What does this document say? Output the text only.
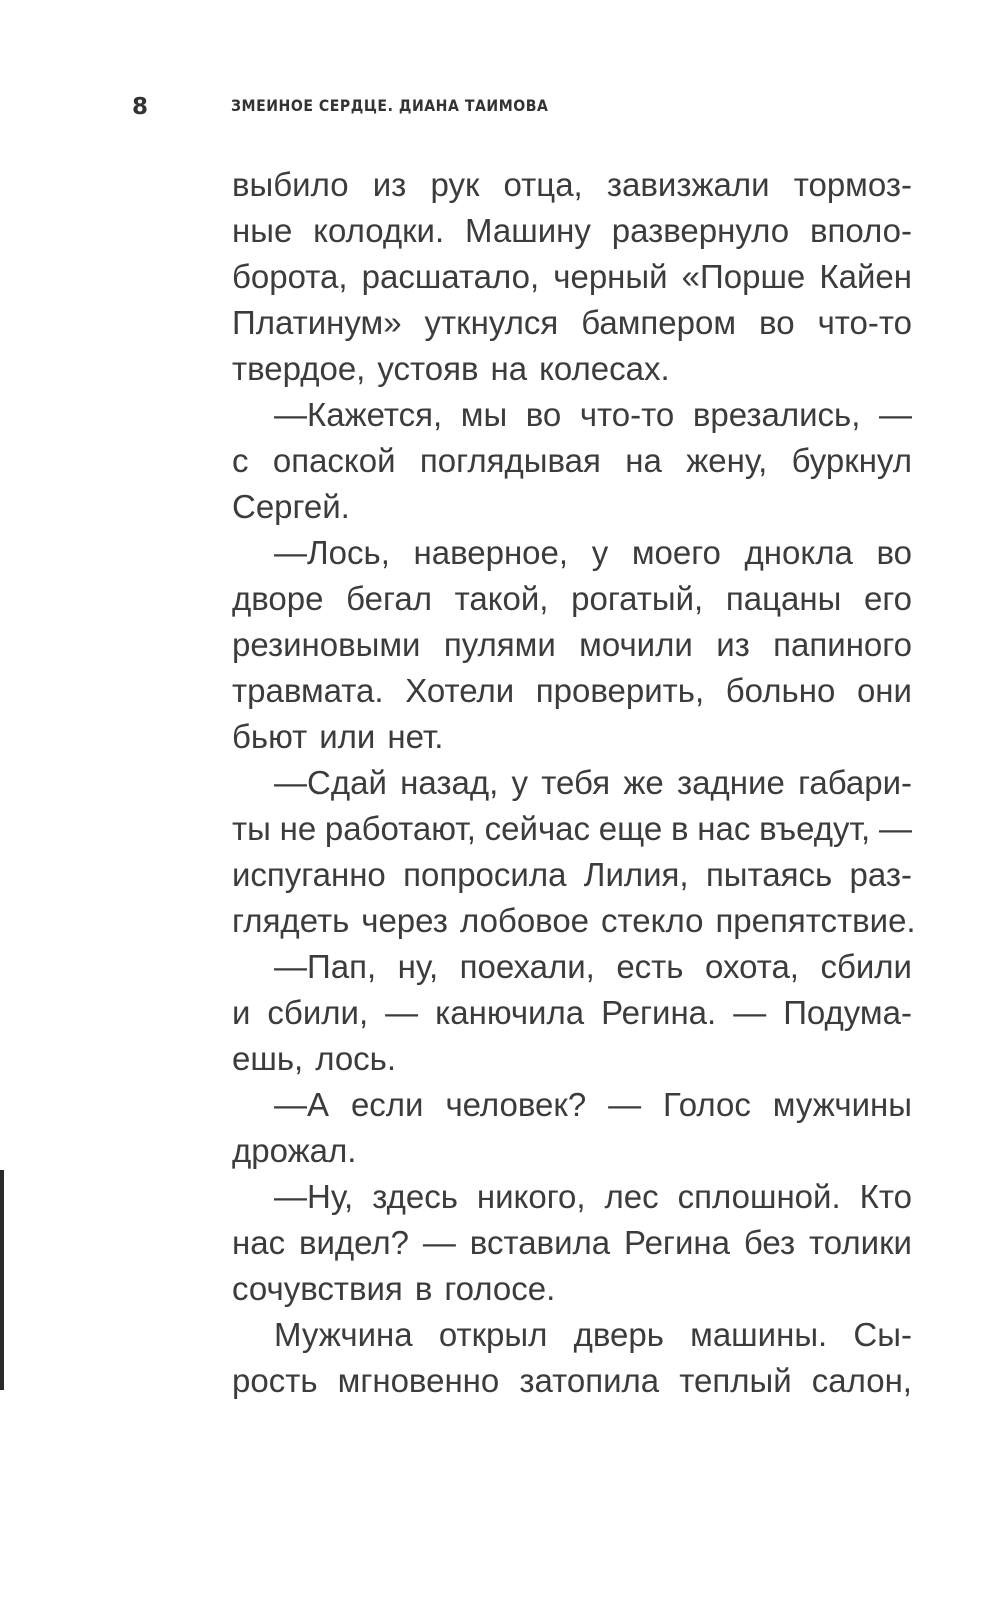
8	ЗМЕИНОЕ СЕРДЦЕ. ДИАНА ТАИМОВА
выбило из рук отца, завизжали тормоз-
ные колодки. Машину развернуло вполо-
борота, расшатало, черный «Порше Кайен
Платинум» уткнулся бампером во что-то
твердое, устояв на колесах.
—Кажется, мы во что-то врезались, —
с опаской поглядывая на жену, буркнул
Сергей.
—Лось, наверное, у моего днокла во
дворе бегал такой, рогатый, пацаны его
резиновыми пулями мочили из папиного
травмата. Хотели проверить, больно они
бьют или нет.
—Сдай назад, у тебя же задние габари-
ты не работают, сейчас еще в нас въедут, —
испуганно попросила Лилия, пытаясь раз-
глядеть через лобовое стекло препятствие.
—Пап, ну, поехали, есть охота, сбили
и сбили, — канючила Регина. — Подума-
ешь, лось.
—А если человек? — Голос мужчины
дрожал.
—Ну, здесь никого, лес сплошной. Кто
нас видел? — вставила Регина без толики
сочувствия в голосе.
Мужчина открыл дверь машины. Сы-
рость мгновенно затопила теплый салон,
